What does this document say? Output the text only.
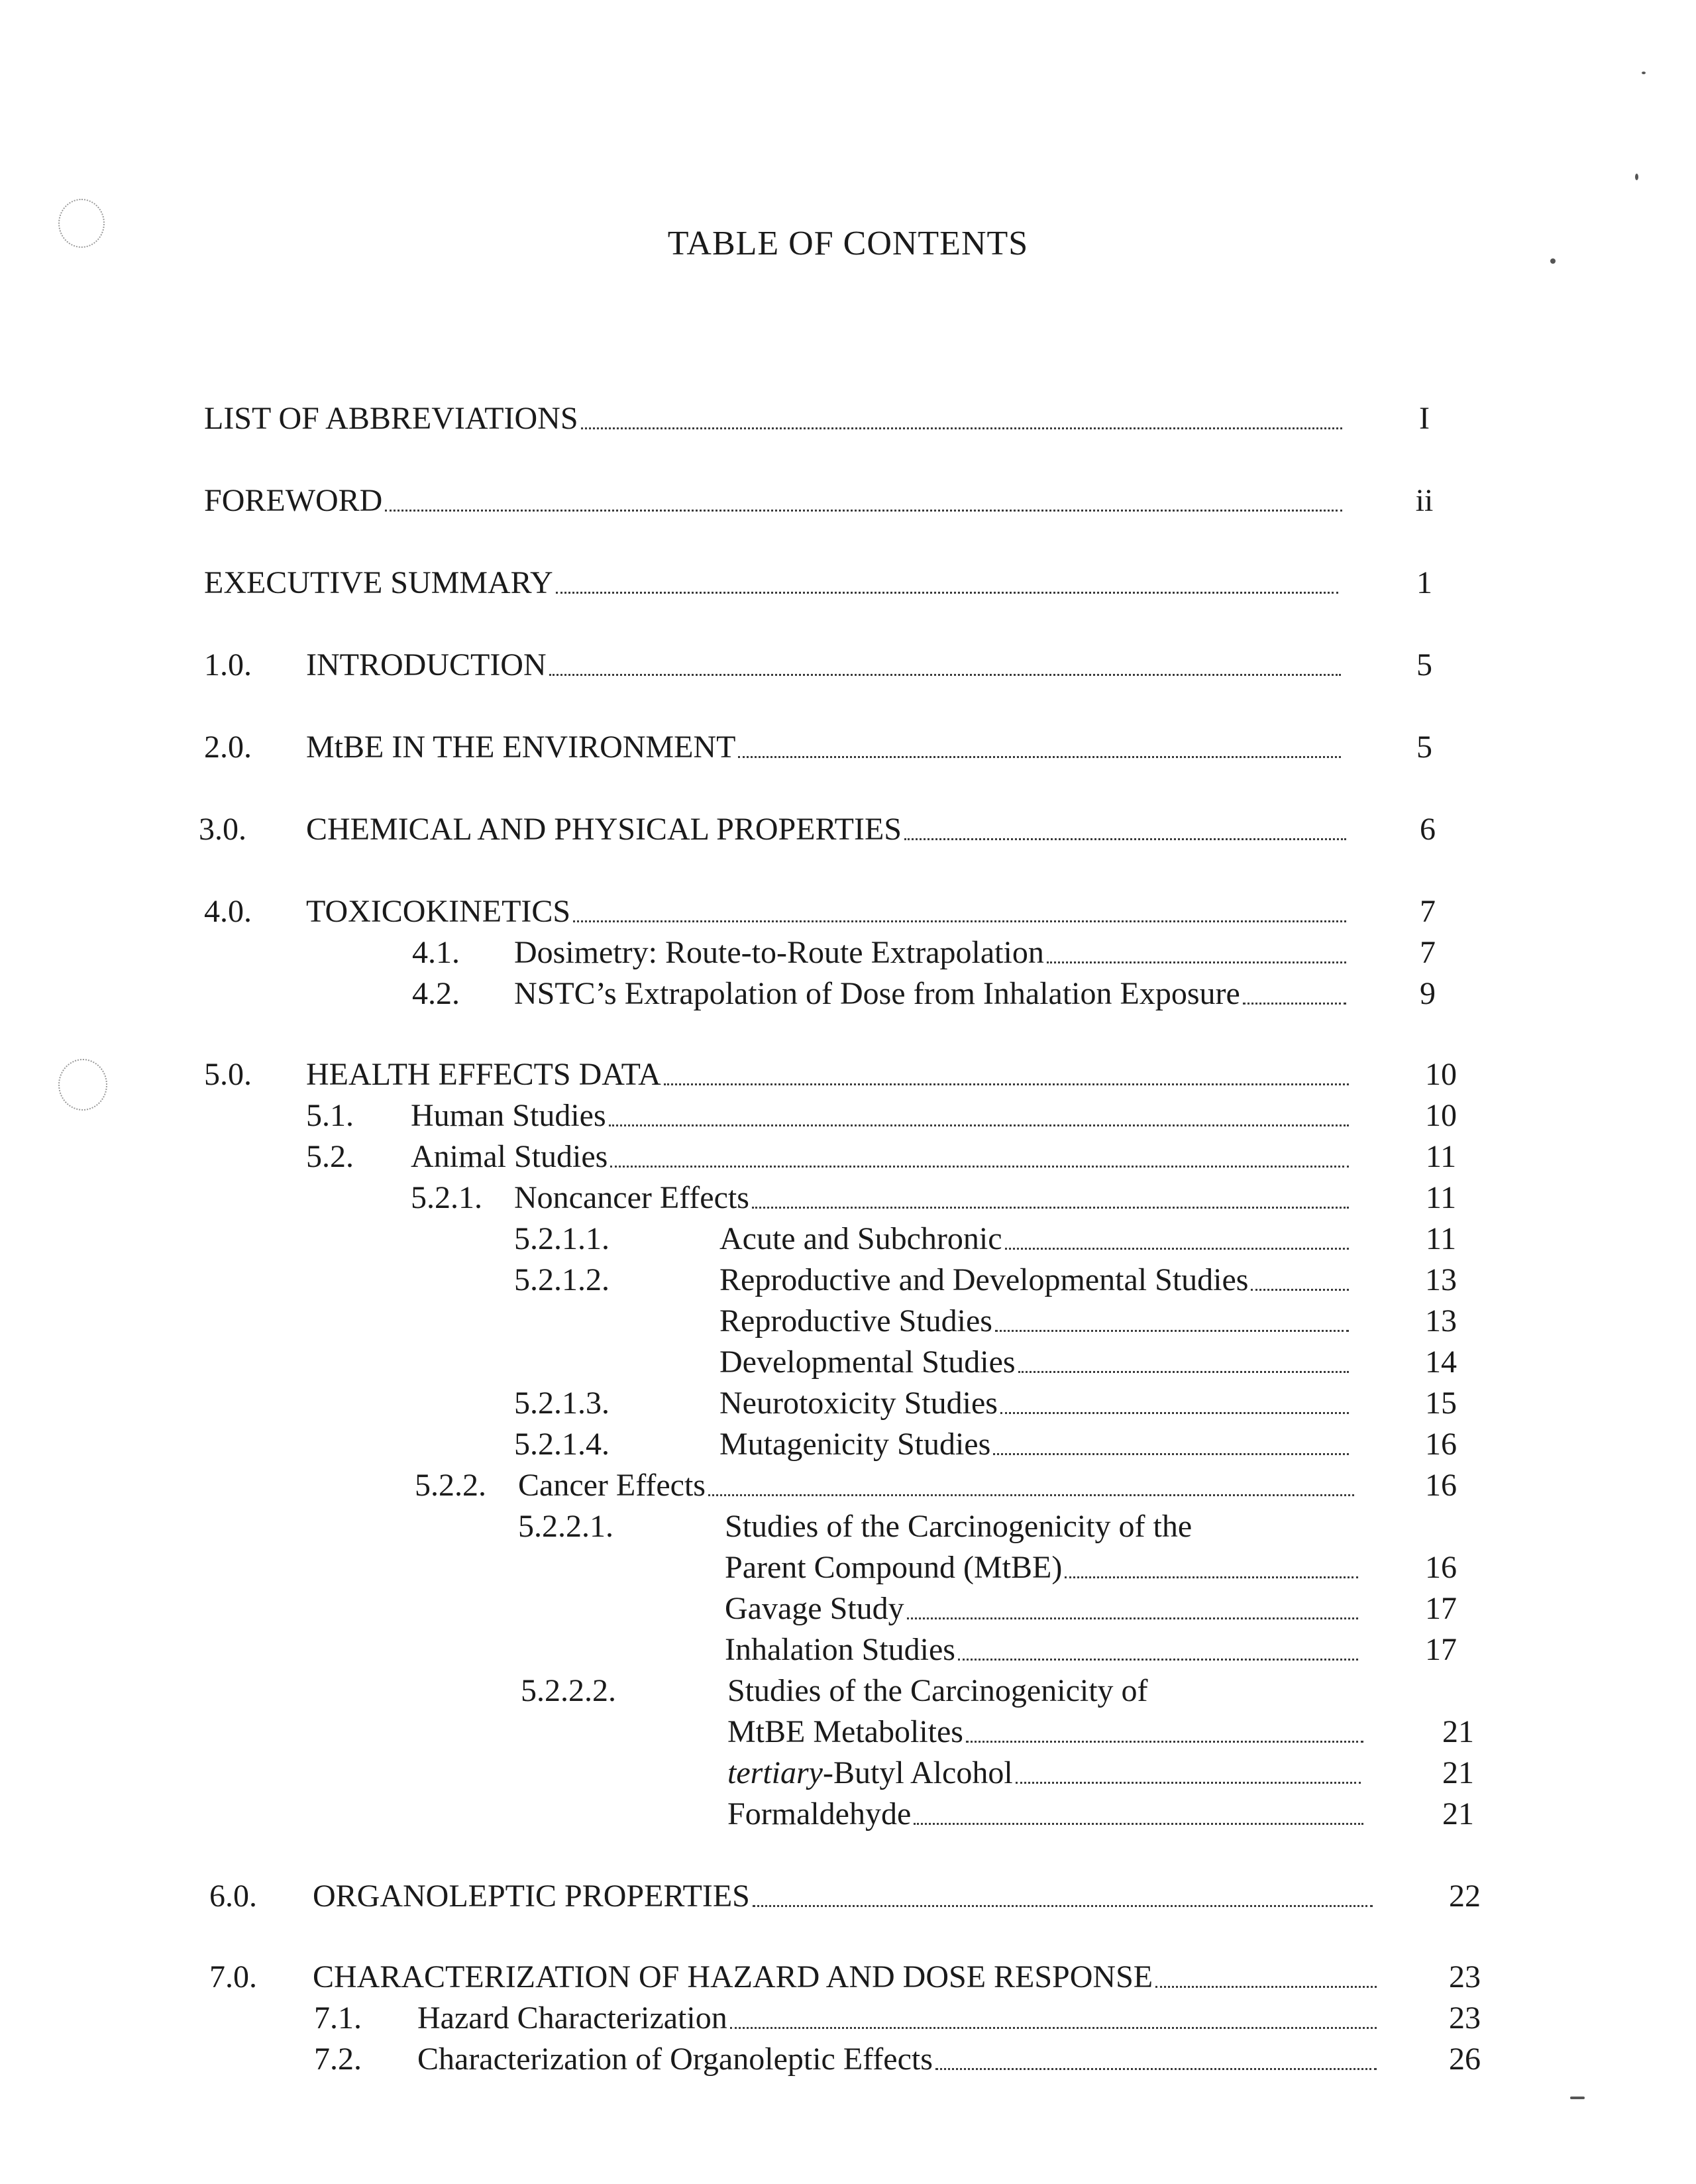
TABLE OF CONTENTS
LIST OF ABBREVIATIONS	I
FOREWORD	ii
EXECUTIVE SUMMARY	1
1.0. INTRODUCTION	5
2.0. MtBE IN THE ENVIRONMENT	5
3.0. CHEMICAL AND PHYSICAL PROPERTIES	6
4.0. TOXICOKINETICS	7
4.1. Dosimetry: Route-to-Route Extrapolation	7
4.2. NSTC’s Extrapolation of Dose from Inhalation Exposure	9
5.0. HEALTH EFFECTS DATA	10
5.1. Human Studies	10
5.2. Animal Studies	11
5.2.1. Noncancer Effects	11
5.2.1.1.	Acute and Subchronic	11
5.2.1.2.	Reproductive and Developmental Studies	13
Reproductive Studies	13
Developmental Studies	14
5.2.1.3.	Neurotoxicity Studies	15
5.2.1.4.	Mutagenicity Studies	16
5.2.2. Cancer Effects	16
5.2.2.1.	Studies of the Carcinogenicity of the
Parent Compound (MtBE)	16
Gavage Study	17
Inhalation Studies	17
5.2.2.2.	Studies of the Carcinogenicity of
MtBE Metabolites	21
tertiary-Butyl Alcohol	21
Formaldehyde	21
6.0. ORGANOLEPTIC PROPERTIES	22
7.0. CHARACTERIZATION OF HAZARD AND DOSE RESPONSE	23
7.1. Hazard Characterization	23
7.2. Characterization of Organoleptic Effects	26
